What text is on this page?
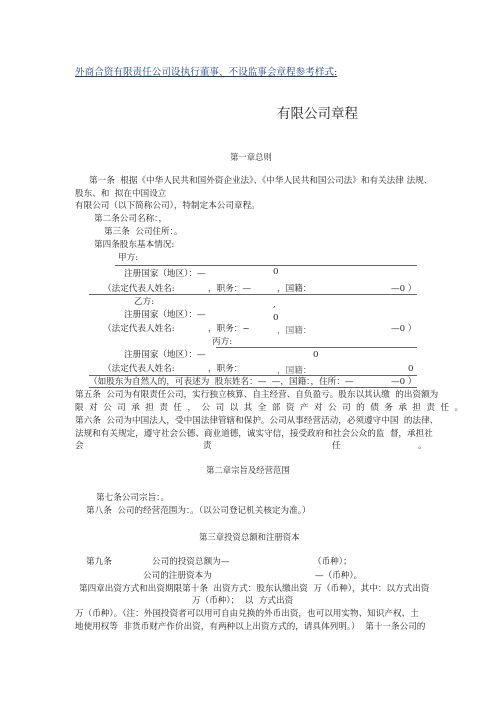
外商合资有限责任公司设执行董事、不设监事会章程参考样式:
有限公司章程
第一章总则
第一条  根据《中华人民共和国外资企业法》、《中华人民共和国公司法》和有关法律 法规、
股东、和  拟在中国设立
有限公司（以下简称公司），特制定本公司章程。
第二条公司名称：，
第三条  公司住所：。
第四条股东基本情况:
甲方:
注册国家（地区）：—	0
（法定代表人姓名:	，职务：—	，国籍：	—0 ）
乙方:	,
注册国家（地区）：—	0
（法定代表人姓名:	，职务：~	，国籍：	—0 ）
丙方:
注册国家（地区）：—	0
（法定代表人姓名:	，职务：	，国籍：	0
（如股东为自然人的，可表述为  股东姓名：—  —，国籍：，住所：—	—0 ）
第五条  公司为有限责任公司，实行独立核算、自主经营、自负盈亏。股东以其认缴  的出资额为
限  对  公  司  承  担  责  任  ，  公  司  以  其  全  部  资  产  对  公  司  的  债  务  承  担  责  任  。
第六条  公司为中国法人，受中国法律管辖和保护。公司从事经营活动，必须遵守中国  的法律、
法规和有关规定，遵守社会公德、商业道德，诚实守信，接受政府和社会公众的监  督，承担社
会	责	任	。
第二章宗旨及经营范围
第七条公司宗旨：。
第八条  公司的经营范围为：。（以公司登记机关核定为准。）
第三章投资总额和注册资本
第九条	公司的投资总额为—	（币种）；
公司的注册资本为	—（币种）。
第四章出资方式和出资期限第十条  出资方式：股东认缴出资  万（币种），其中：以方式出资
万（币种）；  以  方式出资
万（币种）。（注：外国投资者可以用可自由兑换的外币出资，也可以用实物、知识产权、土
地使用权等  非货币财产作价出资，有两种以上出资方式的，请具体列明。）  第十一条公司的
